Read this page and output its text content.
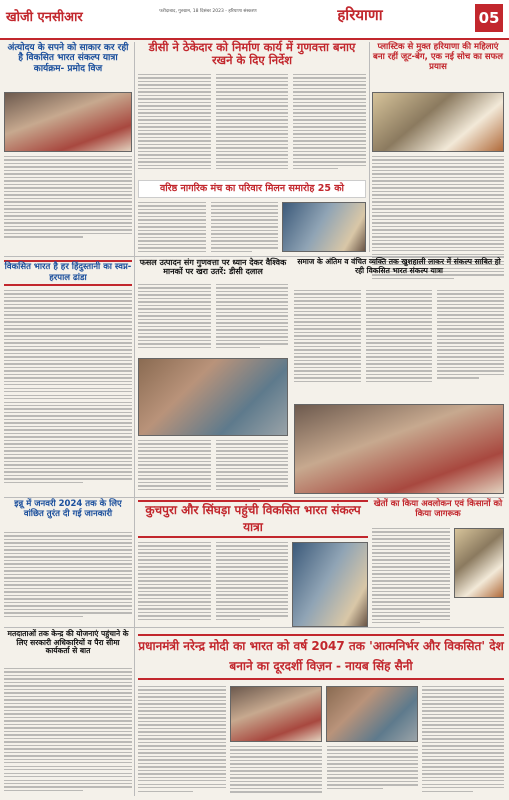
खोजी एनसीआर	फरीदाबाद, गुरुग्राम, 18 दिसंबर 2023 - हरियाणा संस्करण	हरियाणा	05
अंत्योदय के सपने को साकार कर रही है विकसित भारत संकल्प यात्रा कार्यक्रम- प्रमोद विज
डीसी ने ठेकेदार को निर्माण कार्य में गुणवत्ता बनाए रखने के दिए निर्देश
प्लास्टिक से मुक्त हरियाणा की महिलाएं बना रहीं जूट-बेग, एक नई सोच का सफल प्रयास
वरिष्ठ नागरिक मंच का परिवार मिलन समारोह 25 को
विकसित भारत है हर हिंदुस्तानी का स्वप्न-हरपाल ढांडा
फसल उत्पादन संग गुणवत्ता पर ध्यान देकर वैश्विक मानकों पर खरा उतरें: डीसी दलाल
समाज के अंतिम व वंचित व्यक्ति तक खुशहाली लाकर में संकल्प साबित हो रही विकसित भारत संकल्प यात्रा
कुचपुरा और सिंघड़ा पहुंची विकसित भारत संकल्प यात्रा
खेतों का किया अवलोकन एवं किसानों को किया जागरूक
इन्नू में जनवरी 2024 तक के लिए वांछित तुरंत दी गई जानकारी
प्रधानमंत्री नरेन्द्र मोदी का भारत को वर्ष 2047 तक 'आत्मनिर्भर और विकसित' देश बनाने का दूरदर्शी विज़न - नायब सिंह सैनी
मतदाताओं तक केन्द्र की योजनाएं पहुंचाने के लिए सरकारी अधिकारियों व पैरा सीमा कार्यकर्ता से बात
